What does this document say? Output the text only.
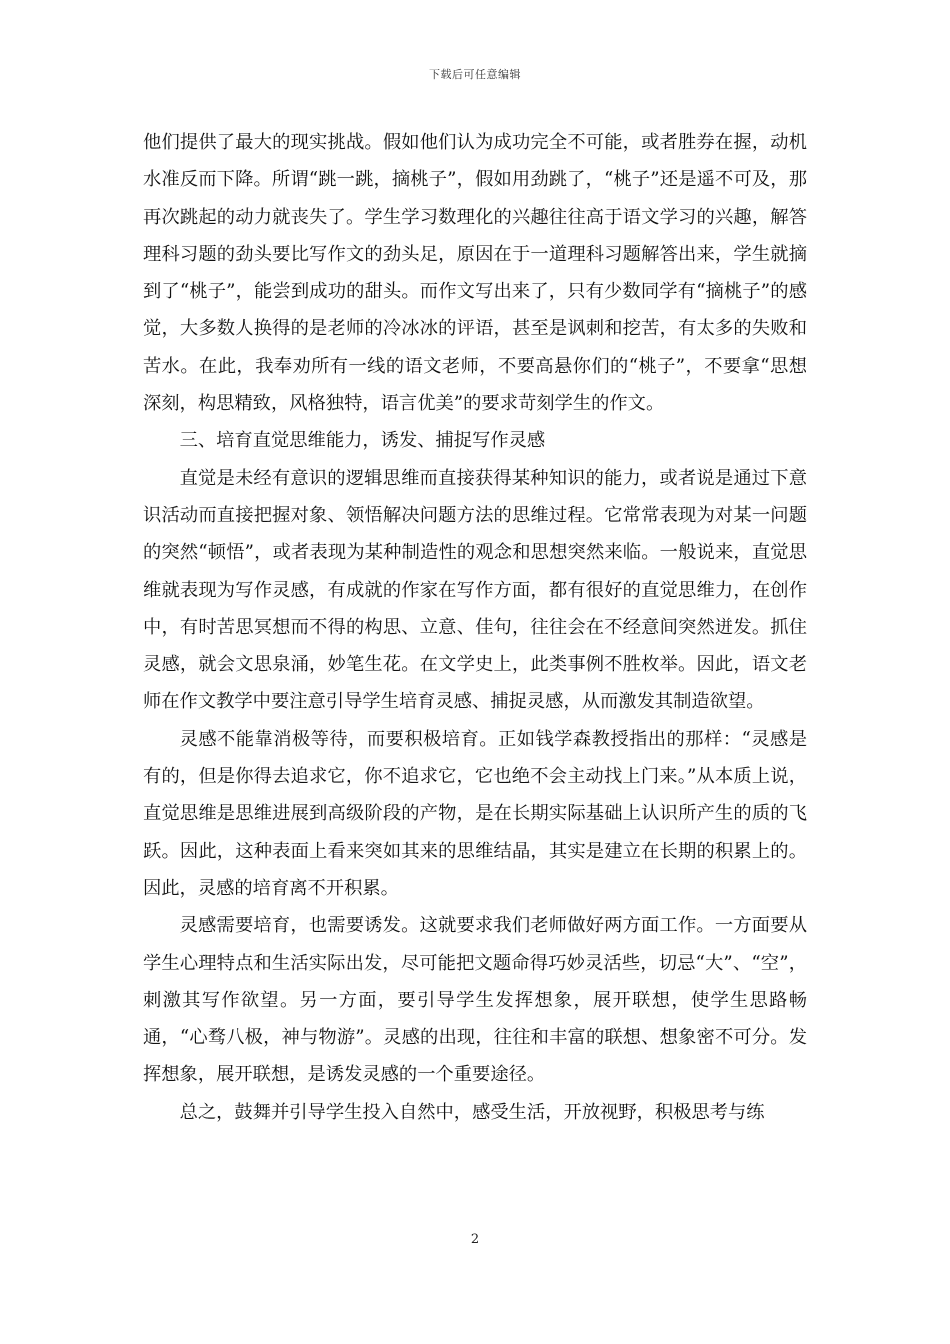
下载后可任意编辑

他们提供了最大的现实挑战。假如他们认为成功完全不可能，或者胜券在握，动机水准反而下降。所谓“跳一跳，摘桃子”，假如用劲跳了，“桃子”还是遥不可及，那再次跳起的动力就丧失了。学生学习数理化的兴趣往往高于语文学习的兴趣，解答理科习题的劲头要比写作文的劲头足，原因在于一道理科习题解答出来，学生就摘到了“桃子”，能尝到成功的甜头。而作文写出来了，只有少数同学有“摘桃子”的感觉，大多数人换得的是老师的冷冰冰的评语，甚至是讽刺和挖苦，有太多的失败和苦水。在此，我奉劝所有一线的语文老师，不要高悬你们的“桃子”，不要拿“思想深刻，构思精致，风格独特，语言优美”的要求苛刻学生的作文。

三、培育直觉思维能力，诱发、捕捉写作灵感

直觉是未经有意识的逻辑思维而直接获得某种知识的能力，或者说是通过下意识活动而直接把握对象、领悟解决问题方法的思维过程。它常常表现为对某一问题的突然“顿悟”，或者表现为某种制造性的观念和思想突然来临。一般说来，直觉思维就表现为写作灵感，有成就的作家在写作方面，都有很好的直觉思维力，在创作中，有时苦思冥想而不得的构思、立意、佳句，往往会在不经意间突然迸发。抓住灵感，就会文思泉涌，妙笔生花。在文学史上，此类事例不胜枚举。因此，语文老师在作文教学中要注意引导学生培育灵感、捕捉灵感，从而激发其制造欲望。

灵感不能靠消极等待，而要积极培育。正如钱学森教授指出的那样：“灵感是有的，但是你得去追求它，你不追求它，它也绝不会主动找上门来。”从本质上说，直觉思维是思维进展到高级阶段的产物，是在长期实际基础上认识所产生的质的飞跃。因此，这种表面上看来突如其来的思维结晶，其实是建立在长期的积累上的。因此，灵感的培育离不开积累。

灵感需要培育，也需要诱发。这就要求我们老师做好两方面工作。一方面要从学生心理特点和生活实际出发，尽可能把文题命得巧妙灵活些，切忌“大”、“空”，刺激其写作欲望。另一方面，要引导学生发挥想象，展开联想，使学生思路畅通，“心骛八极，神与物游”。灵感的出现，往往和丰富的联想、想象密不可分。发挥想象，展开联想，是诱发灵感的一个重要途径。

总之，鼓舞并引导学生投入自然中，感受生活，开放视野，积极思考与练

2
